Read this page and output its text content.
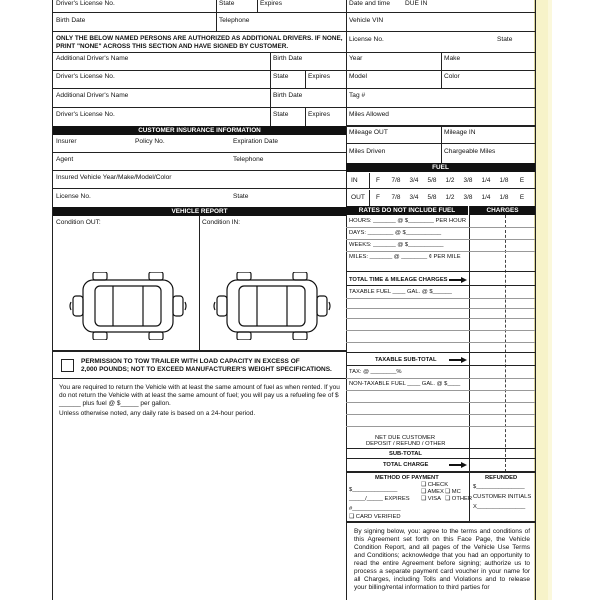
Driver's License No.	State	Expires
Birth Date	Telephone
ONLY THE BELOW NAMED PERSONS ARE AUTHORIZED AS ADDITIONAL DRIVERS. IF NONE, PRINT "NONE" ACROSS THIS SECTION AND HAVE SIGNED BY CUSTOMER.
Additional Driver's Name	Birth Date
Driver's License No.	State	Expires
Additional Driver's Name	Birth Date
Driver's License No.	State	Expires
CUSTOMER INSURANCE INFORMATION
Insurer	Policy No.	Expiration Date
Agent	Telephone
Insured Vehicle Year/Make/Model/Color
License No.	State
VEHICLE REPORT
Condition OUT:	Condition IN:
PERMISSION TO TOW TRAILER WITH LOAD CAPACITY IN EXCESS OF
2,000 POUNDS; NOT TO EXCEED MANUFACTURER'S WEIGHT SPECIFICATIONS.
You are required to return the Vehicle with at least the same amount of fuel as when rented. If you do not return the Vehicle with at least the same amount of fuel; you will pay us a refueling fee of $ ______ plus fuel @ $_____ per gallon.
Unless otherwise noted, any daily rate is based on a 24-hour period.
Date and time DUE IN
Vehicle VIN
License No.	State
Year	Make
Model	Color
Tag #
Miles Allowed
Mileage OUT	Mileage IN
Miles Driven	Chargeable Miles
FUEL
RATES DO NOT INCLUDE FUEL	CHARGES
HOURS: _______ @ $________ PER HOUR
DAYS: ________ @ $___________
WEEKS: _______ @ $___________
MILES: _______ @ ________ ¢ PER MILE
TOTAL TIME & MILEAGE CHARGES
TAXABLE FUEL ____ GAL. @ $______
TAXABLE SUB-TOTAL
TAX: @ ________%
NON-TAXABLE FUEL ____ GAL. @ $____
NET DUE CUSTOMER
DEPOSIT / REFUND / OTHER
SUB-TOTAL
TOTAL CHARGE
METHOD OF PAYMENT	REFUNDED
$______________
❑ CHECK
❑ AMEX ❑ MC
_____/_____ EXPIRES ❑ VISA ❑ OTHER
#_______________
❑ CARD VERIFIED
$_______________
CUSTOMER INITIALS
X_______________
By signing below, you: agree to the terms and conditions of this Agreement set forth on this Face Page, the Vehicle Condition Report, and all pages of the Vehicle Use Terms and Conditions; acknowledge that you had an opportunity to read the entire Agreement before signing; authorize us to process a separate payment card voucher in your name for all Charges, including Tolls and Violations and to release your billing/rental information to third parties for
IN	F	7/8	3/4	5/8	1/2	3/8	1/4	1/8	E
OUT	F	7/8	3/4	5/8	1/2	3/8	1/4	1/8	E
